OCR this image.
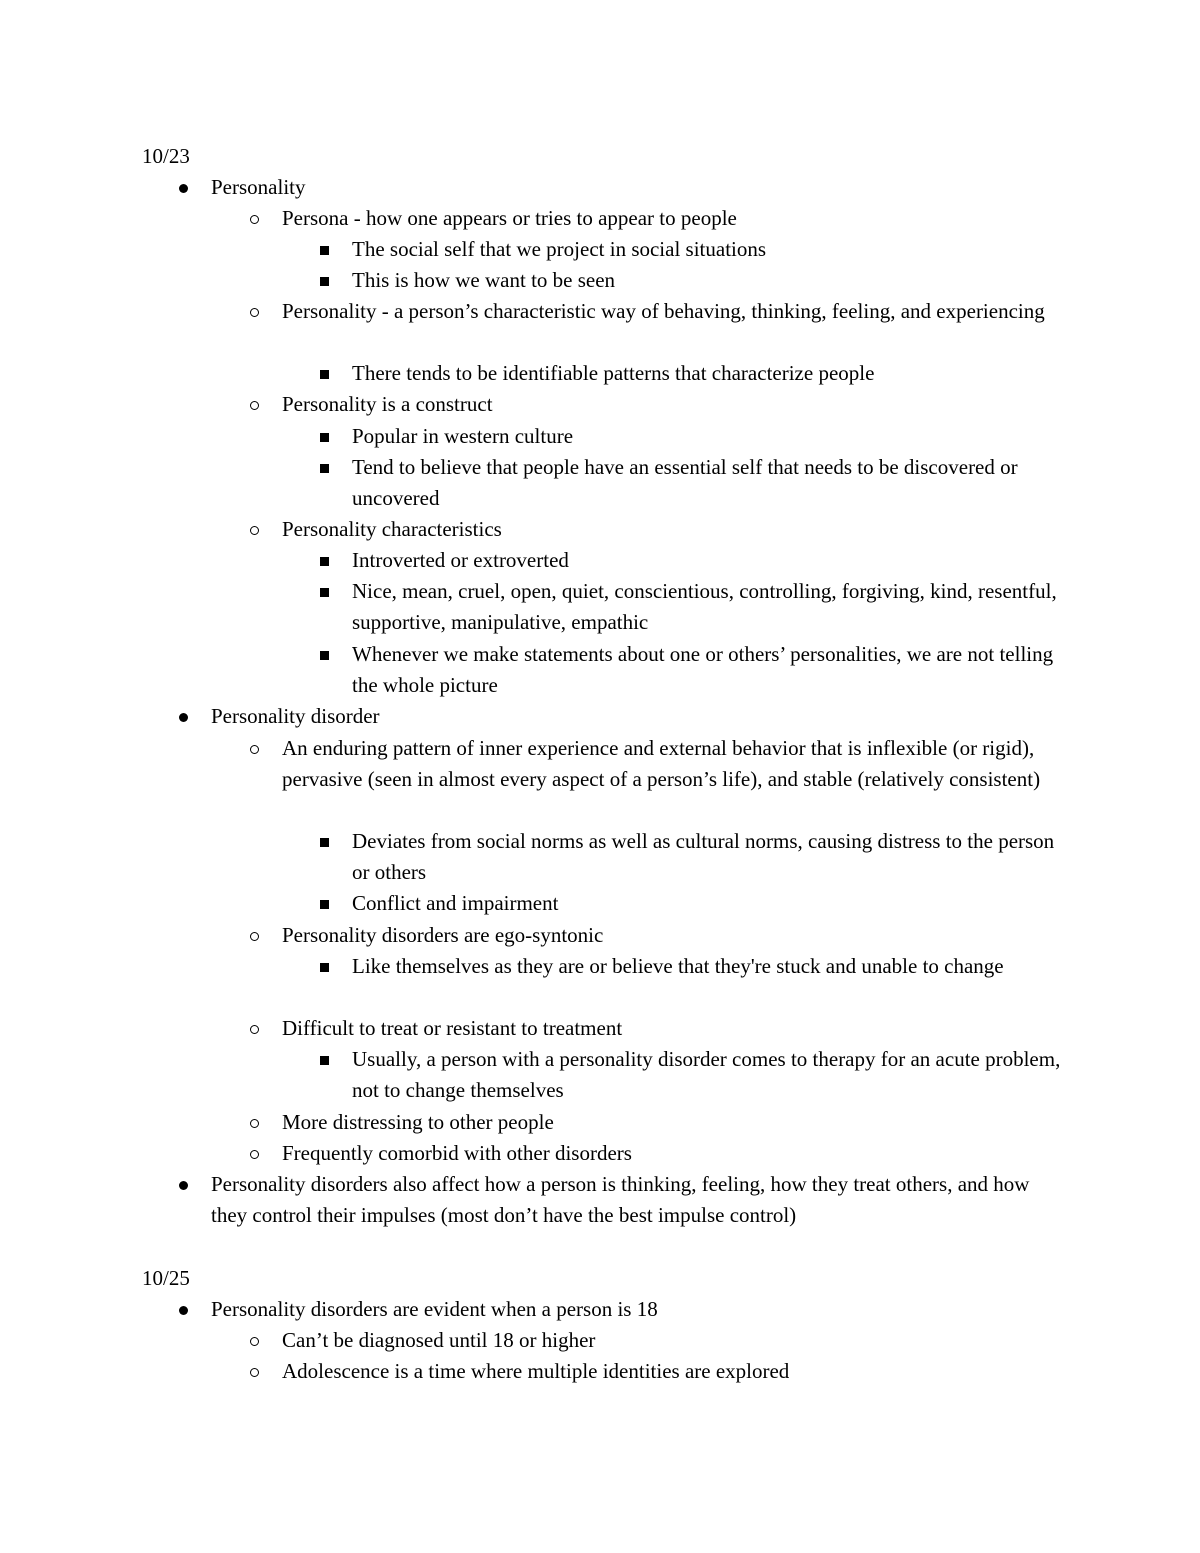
10/23
Personality
Persona - how one appears or tries to appear to people
The social self that we project in social situations
This is how we want to be seen
Personality - a person’s characteristic way of behaving, thinking, feeling, and experiencing
There tends to be identifiable patterns that characterize people
Personality is a construct
Popular in western culture
Tend to believe that people have an essential self that needs to be discovered or uncovered
Personality characteristics
Introverted or extroverted
Nice, mean, cruel, open, quiet, conscientious, controlling, forgiving, kind, resentful, supportive, manipulative, empathic
Whenever we make statements about one or others’ personalities, we are not telling the whole picture
Personality disorder
An enduring pattern of inner experience and external behavior that is inflexible (or rigid), pervasive (seen in almost every aspect of a person’s life), and stable (relatively consistent)
Deviates from social norms as well as cultural norms, causing distress to the person or others
Conflict and impairment
Personality disorders are ego-syntonic
Like themselves as they are or believe that they're stuck and unable to change
Difficult to treat or resistant to treatment
Usually, a person with a personality disorder comes to therapy for an acute problem, not to change themselves
More distressing to other people
Frequently comorbid with other disorders
Personality disorders also affect how a person is thinking, feeling, how they treat others, and how they control their impulses (most don’t have the best impulse control)
10/25
Personality disorders are evident when a person is 18
Can’t be diagnosed until 18 or higher
Adolescence is a time where multiple identities are explored
